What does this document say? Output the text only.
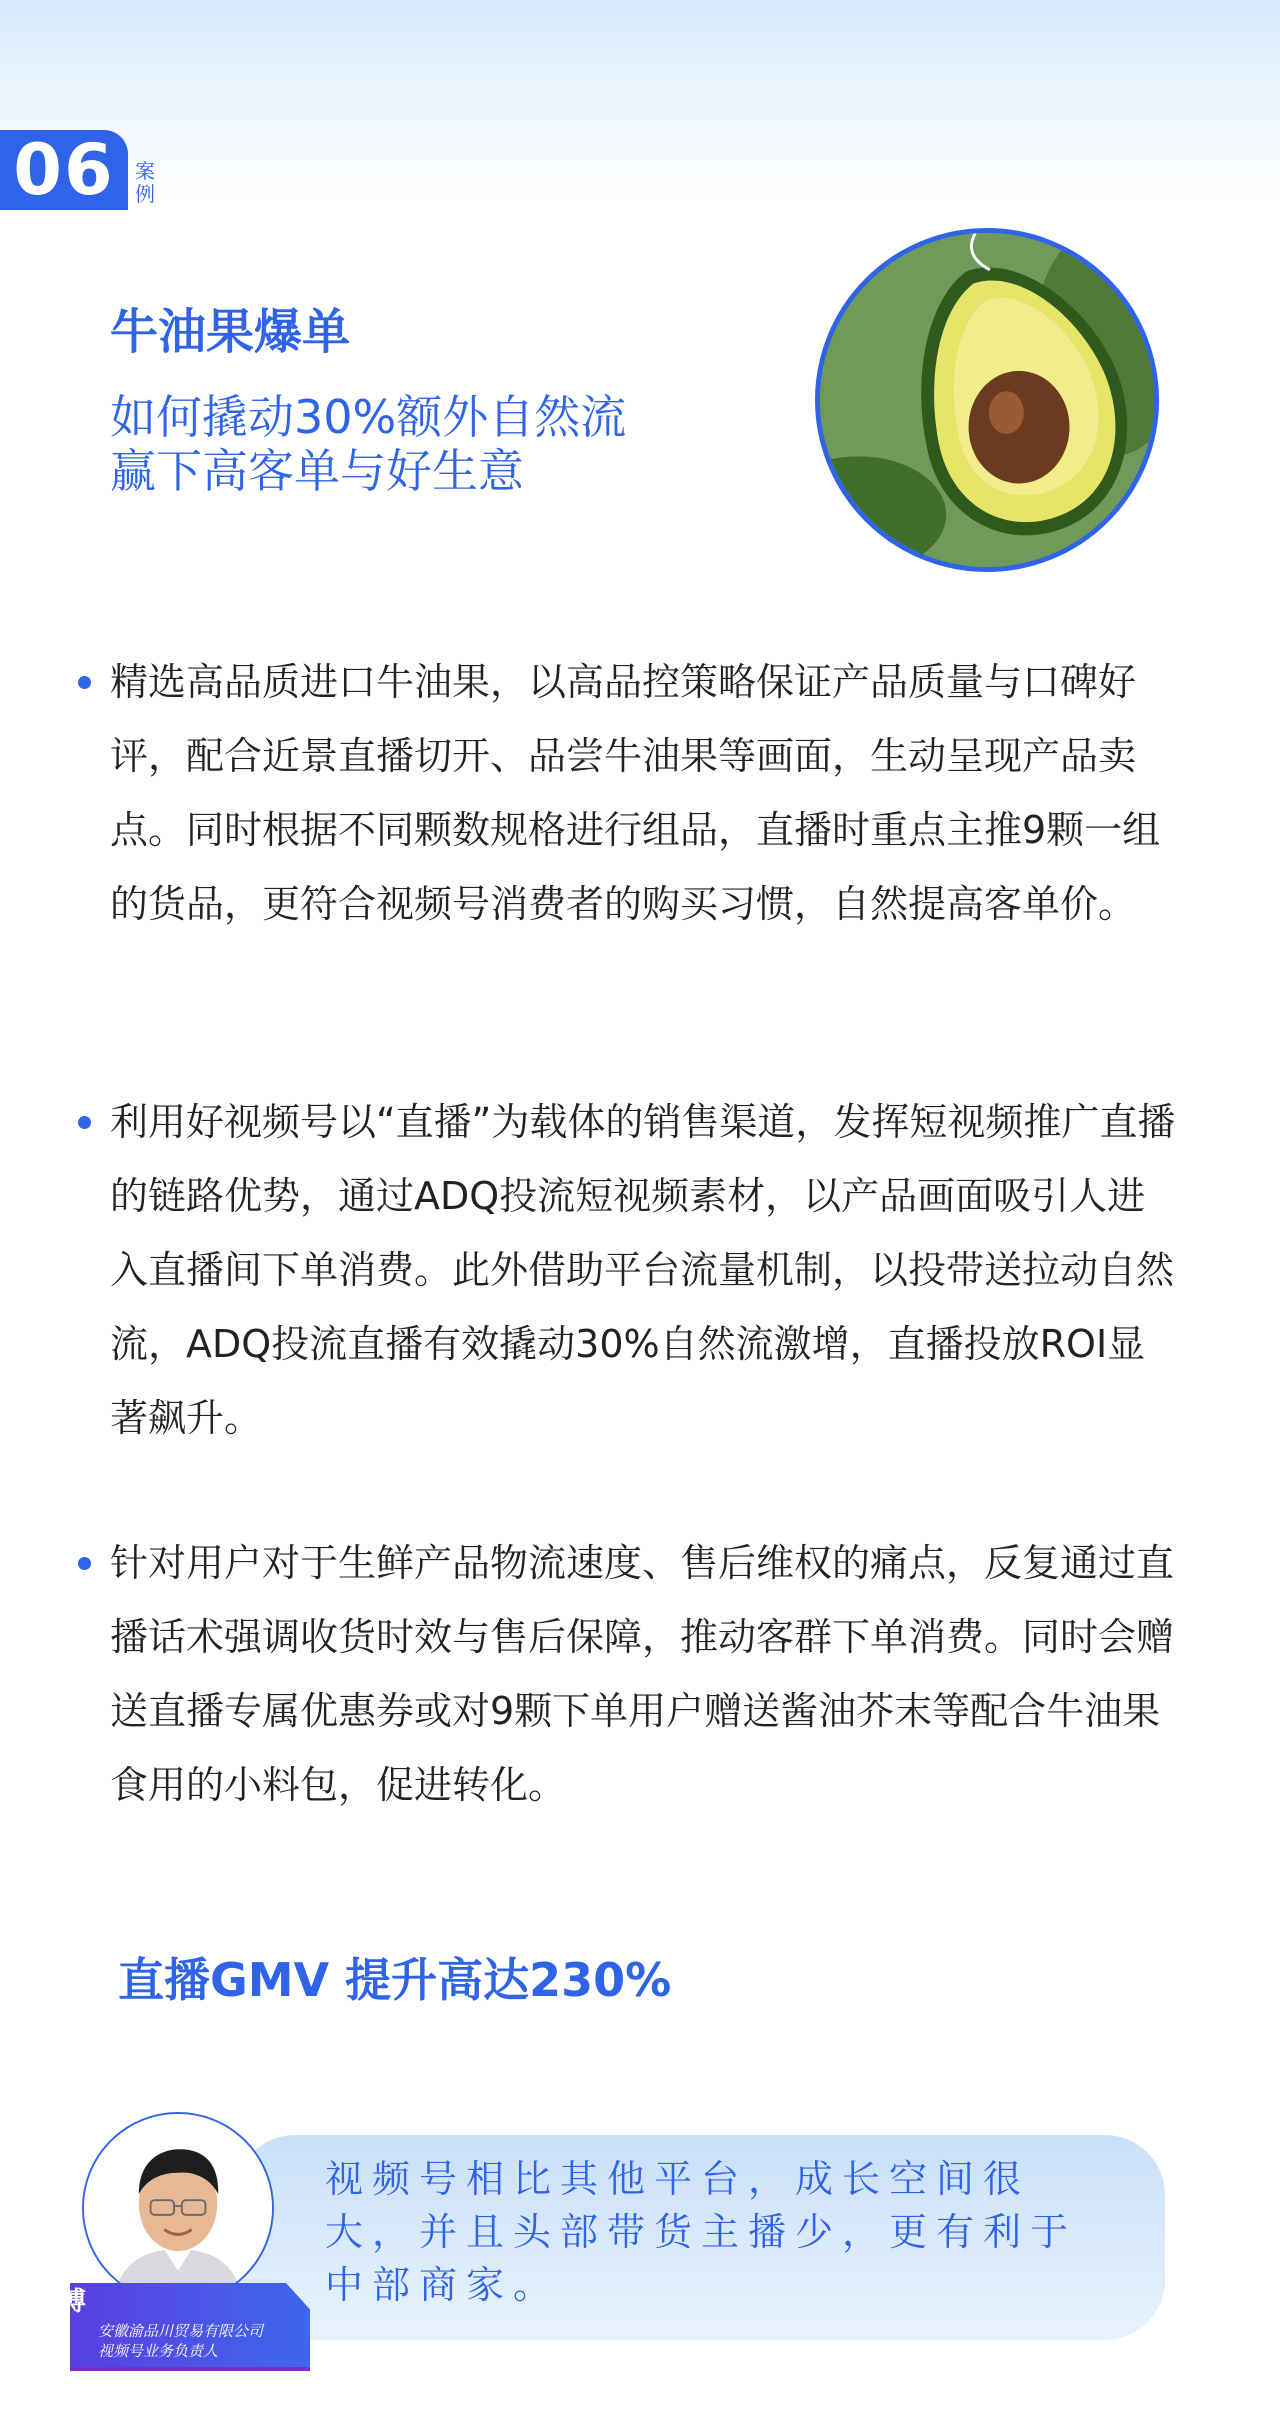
06	案例
牛油果爆单
如何撬动30%额外自然流
赢下高客单与好生意
精选高品质进口牛油果，以高品控策略保证产品质量与口碑好评，配合近景直播切开、品尝牛油果等画面，生动呈现产品卖点。同时根据不同颗数规格进行组品，直播时重点主推9颗一组的货品，更符合视频号消费者的购买习惯，自然提高客单价。
利用好视频号以“直播”为载体的销售渠道，发挥短视频推广直播的链路优势，通过ADQ投流短视频素材，以产品画面吸引人进入直播间下单消费。此外借助平台流量机制，以投带送拉动自然流，ADQ投流直播有效撬动30%自然流激增，直播投放ROI显著飙升。
针对用户对于生鲜产品物流速度、售后维权的痛点，反复通过直播话术强调收货时效与售后保障，推动客群下单消费。同时会赠送直播专属优惠券或对9颗下单用户赠送酱油芥末等配合牛油果食用的小料包，促进转化。
直播GMV 提升高达230%
视频号相比其他平台，成长空间很大，并且头部带货主播少，更有利于中部商家。
绳博
安徽渝品川贸易有限公司
视频号业务负责人
